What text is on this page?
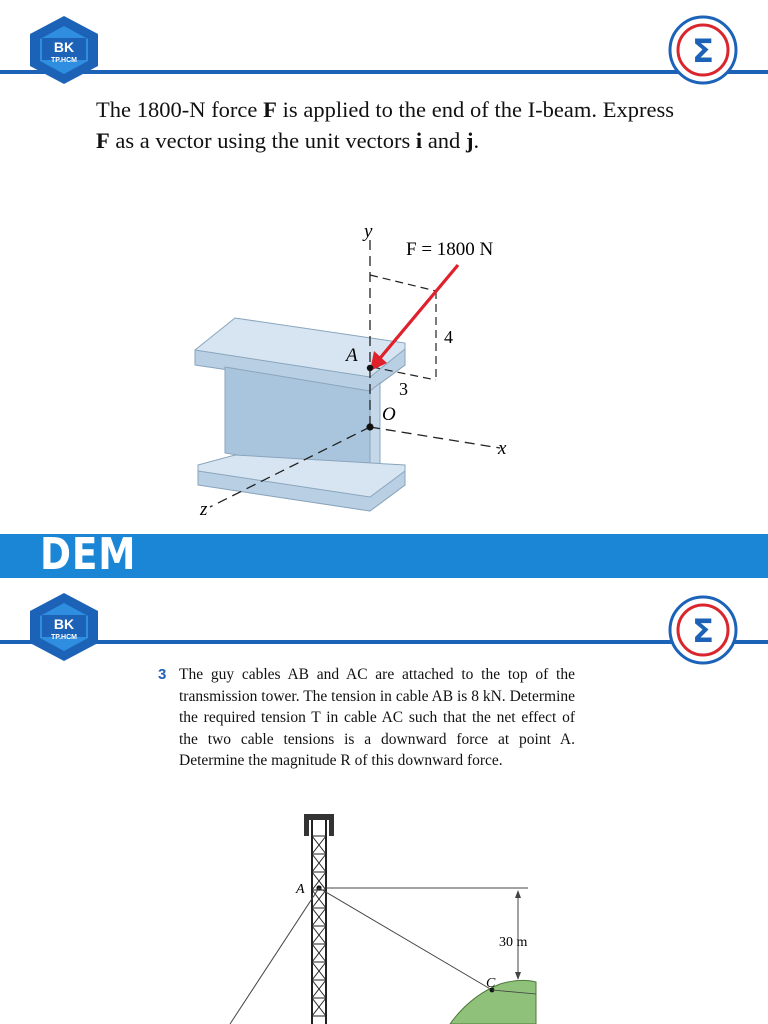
BK
TP.HCM	Σ
The 1800-N force F is applied to the end of the I-beam. Express F as a vector using the unit vectors i and j.
y
F = 1800 N
4
A
3
O
x
z
DEM
BK
TP.HCM	Σ
3 The guy cables AB and AC are attached to the top of the transmission tower. The tension in cable AB is 8 kN. Determine the required tension T in cable AC such that the net effect of the two cable tensions is a downward force at point A. Determine the magnitude R of this downward force.
A
30 m
C
